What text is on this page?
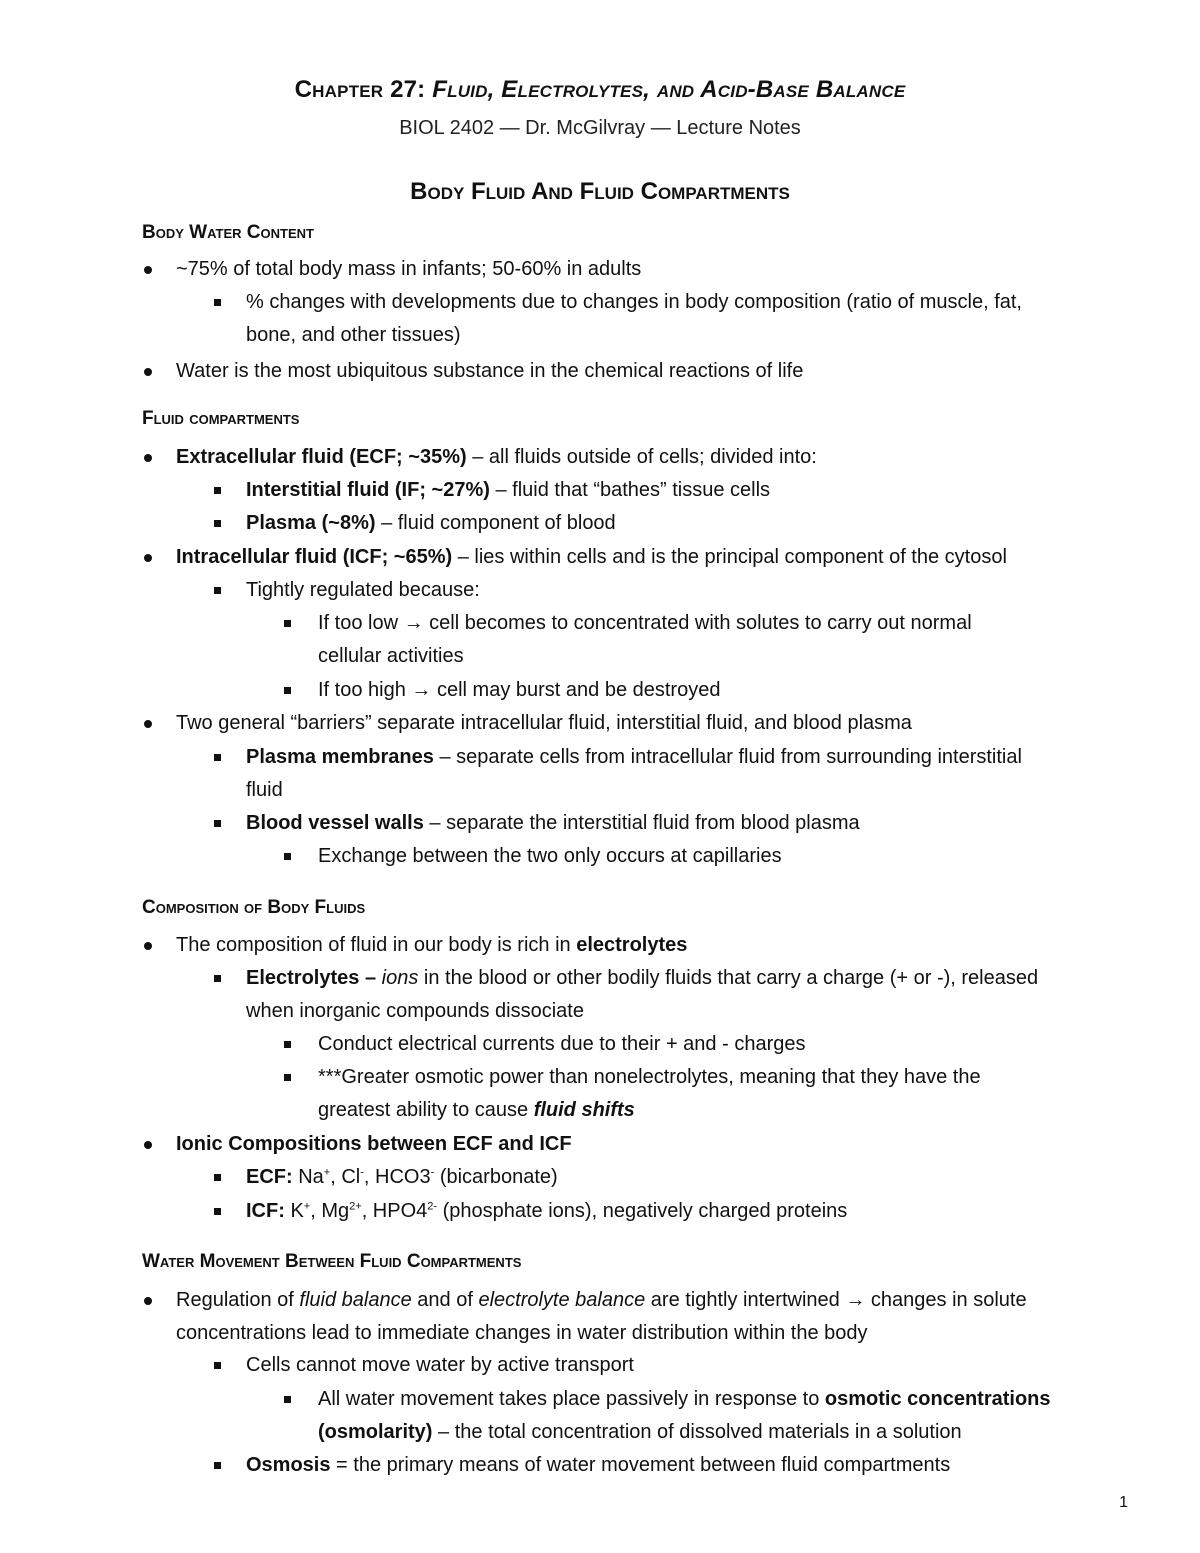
Chapter 27: Fluid, Electrolytes, and Acid-Base Balance
BIOL 2402 — Dr. McGilvray — Lecture Notes
Body Fluid And Fluid Compartments
Body Water Content
~75% of total body mass in infants; 50-60% in adults
% changes with developments due to changes in body composition (ratio of muscle, fat,
bone, and other tissues)
Water is the most ubiquitous substance in the chemical reactions of life
Fluid compartments
Extracellular fluid (ECF; ~35%) – all fluids outside of cells; divided into:
Interstitial fluid (IF; ~27%) – fluid that “bathes” tissue cells
Plasma (~8%) – fluid component of blood
Intracellular fluid (ICF; ~65%) – lies within cells and is the principal component of the cytosol
Tightly regulated because:
If too low → cell becomes to concentrated with solutes to carry out normal
cellular activities
If too high → cell may burst and be destroyed
Two general “barriers” separate intracellular fluid, interstitial fluid, and blood plasma
Plasma membranes – separate cells from intracellular fluid from surrounding interstitial
fluid
Blood vessel walls – separate the interstitial fluid from blood plasma
Exchange between the two only occurs at capillaries
Composition of Body Fluids
The composition of fluid in our body is rich in electrolytes
Electrolytes – ions in the blood or other bodily fluids that carry a charge (+ or -), released
when inorganic compounds dissociate
Conduct electrical currents due to their + and - charges
***Greater osmotic power than nonelectrolytes, meaning that they have the
greatest ability to cause fluid shifts
Ionic Compositions between ECF and ICF
ECF: Na+, Cl-, HCO3- (bicarbonate)
ICF: K+, $Mg^{2+}$, $HPO4^{2-}$ (phosphate ions), negatively charged proteins
Water Movement Between Fluid Compartments
Regulation of fluid balance and of electrolyte balance are tightly intertwined → changes in solute
concentrations lead to immediate changes in water distribution within the body
Cells cannot move water by active transport
All water movement takes place passively in response to osmotic concentrations
(osmolarity) – the total concentration of dissolved materials in a solution
Osmosis = the primary means of water movement between fluid compartments
1
